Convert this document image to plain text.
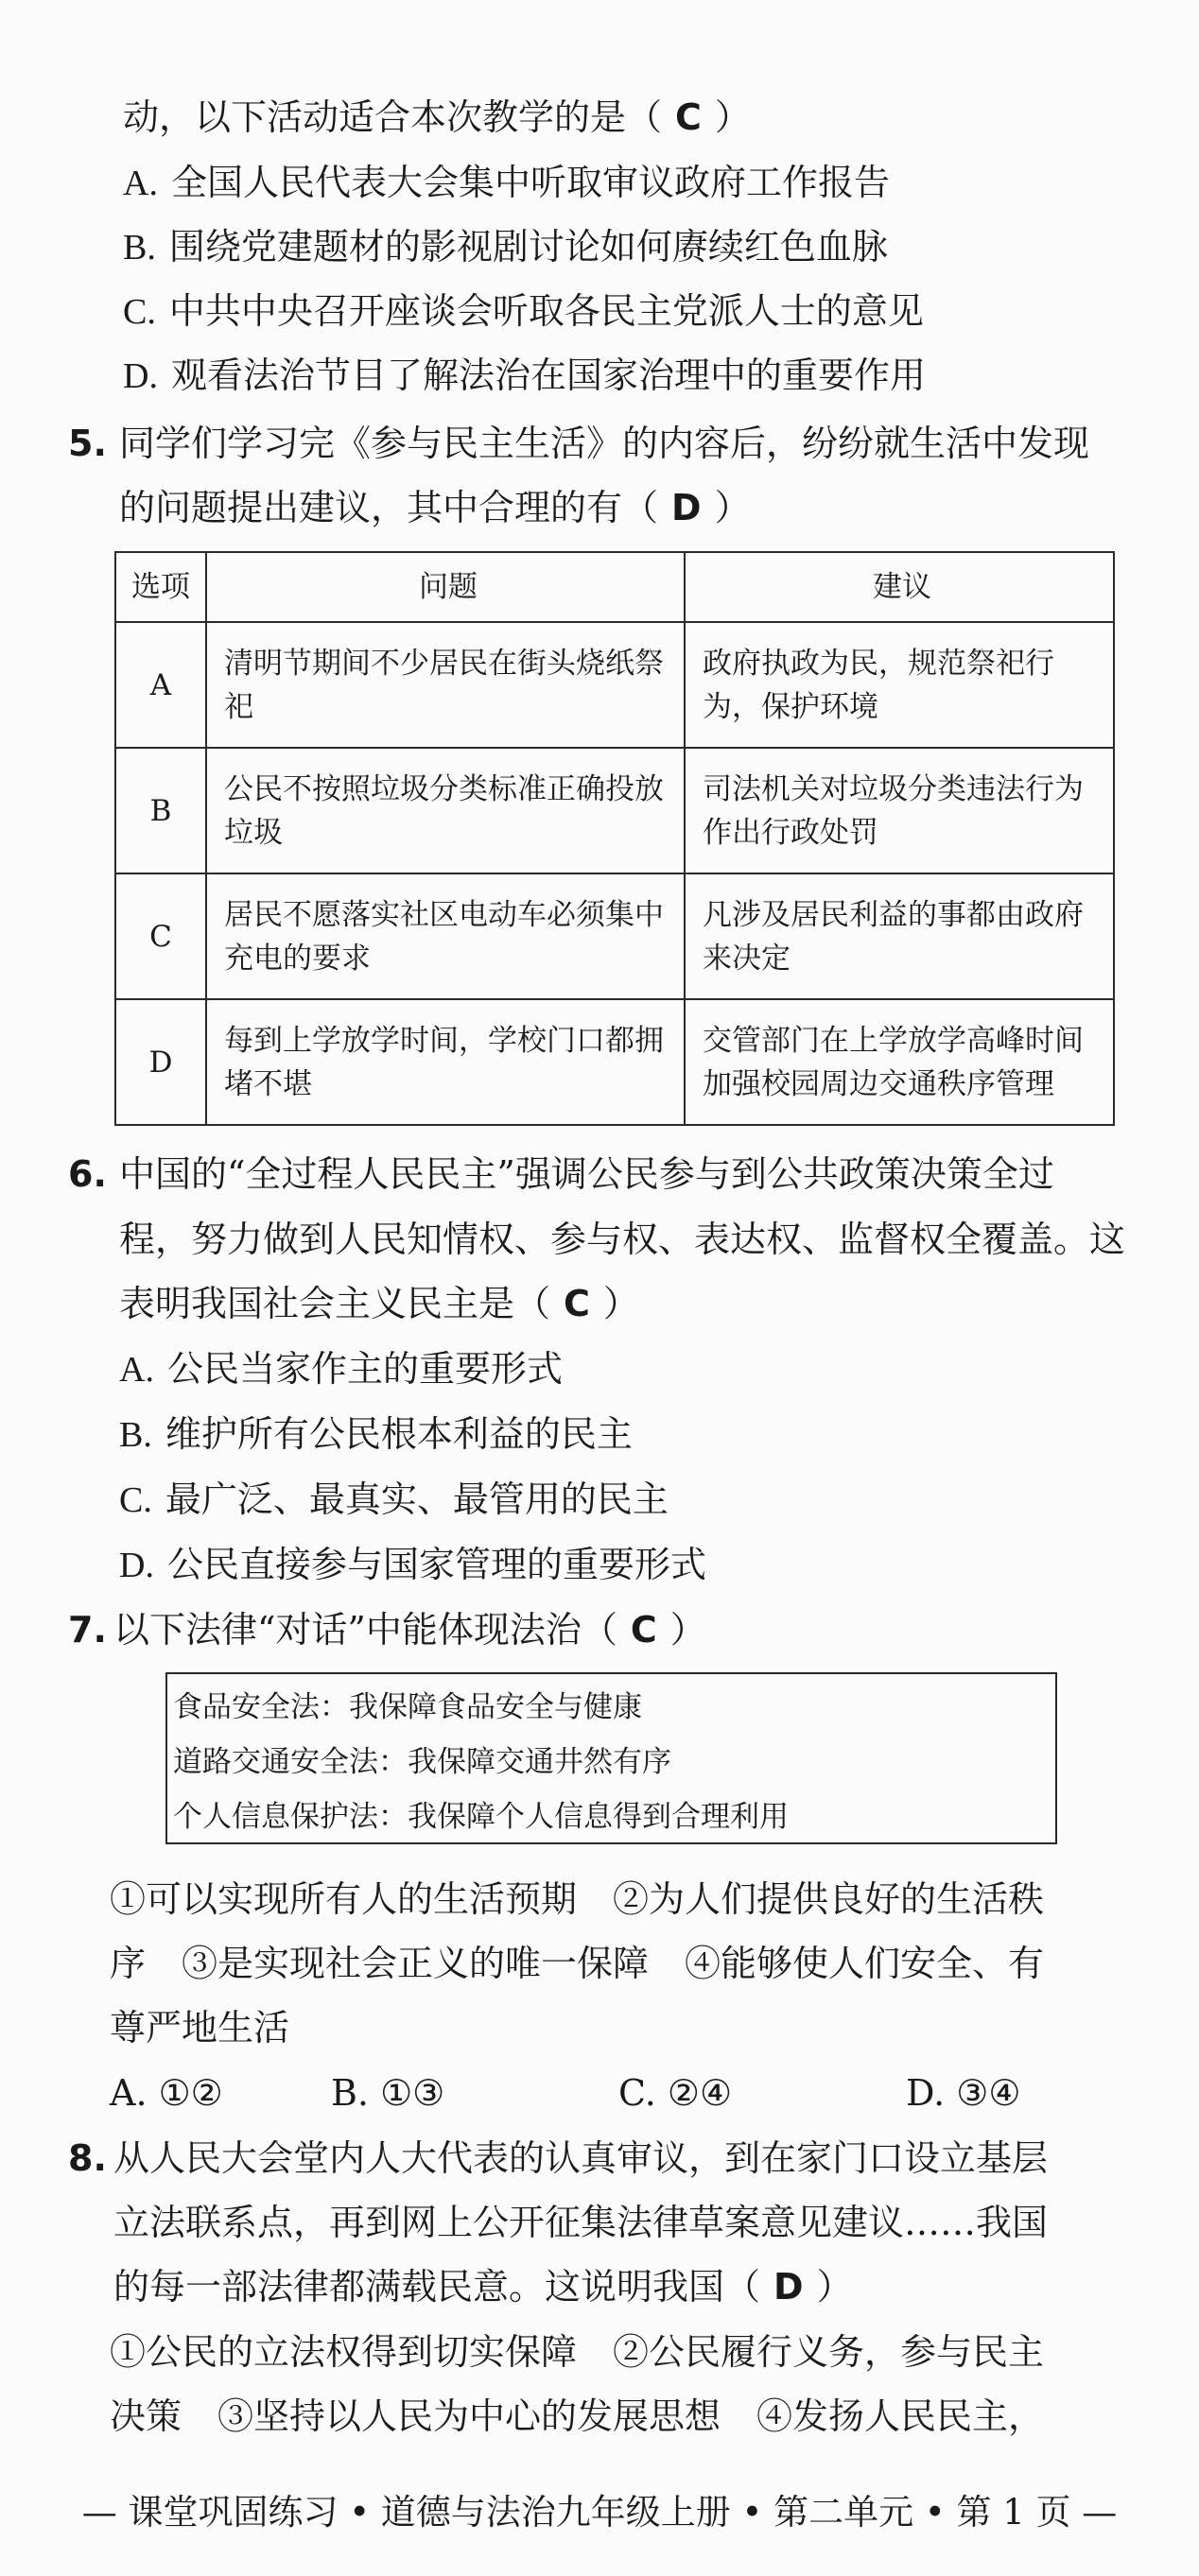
动，以下活动适合本次教学的是（ C ）
A. 全国人民代表大会集中听取审议政府工作报告
B. 围绕党建题材的影视剧讨论如何赓续红色血脉
C. 中共中央召开座谈会听取各民主党派人士的意见
D. 观看法治节目了解法治在国家治理中的重要作用
5. 同学们学习完《参与民主生活》的内容后，纷纷就生活中发现
的问题提出建议，其中合理的有（ D ）
选项	问题	建议
A	清明节期间不少居民在街头烧纸祭祀	政府执政为民，规范祭祀行为，保护环境

B	公民不按照垃圾分类标准正确投放垃圾	司法机关对垃圾分类违法行为作出行政处罚

C	居民不愿落实社区电动车必须集中充电的要求	凡涉及居民利益的事都由政府来决定

D	每到上学放学时间，学校门口都拥堵不堪	交管部门在上学放学高峰时间加强校园周边交通秩序管理
6. 中国的“全过程人民民主”强调公民参与到公共政策决策全过
程，努力做到人民知情权、参与权、表达权、监督权全覆盖。这
表明我国社会主义民主是（ C ）
A. 公民当家作主的重要形式
B. 维护所有公民根本利益的民主
C. 最广泛、最真实、最管用的民主
D. 公民直接参与国家管理的重要形式
7. 以下法律“对话”中能体现法治（ C ）
食品安全法：我保障食品安全与健康
道路交通安全法：我保障交通井然有序
个人信息保护法：我保障个人信息得到合理利用
①可以实现所有人的生活预期　②为人们提供良好的生活秩
序　③是实现社会正义的唯一保障　④能够使人们安全、有
尊严地生活
A. ①②	B. ①③	C. ②④	D. ③④
8. 从人民大会堂内人大代表的认真审议，到在家门口设立基层
立法联系点，再到网上公开征集法律草案意见建议……我国
的每一部法律都满载民意。这说明我国（ D ）
①公民的立法权得到切实保障　②公民履行义务，参与民主
决策　③坚持以人民为中心的发展思想　④发扬人民民主，
— 课堂巩固练习 • 道德与法治九年级上册 • 第二单元 • 第 1 页 —
